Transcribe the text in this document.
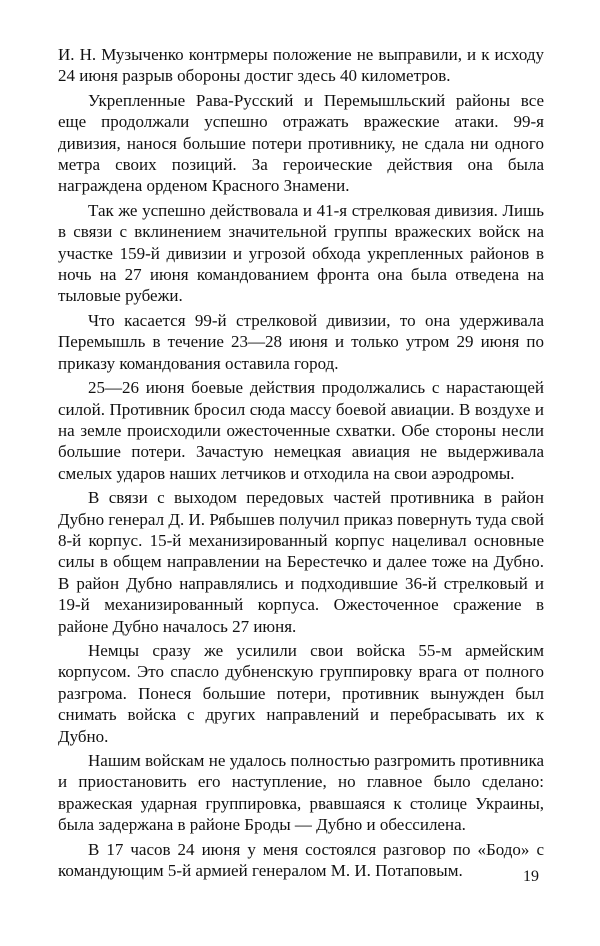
И. Н. Музыченко контрмеры положение не выправили, и к исходу 24 июня разрыв обороны достиг здесь 40 километров.

Укрепленные Рава-Русский и Перемышльский районы все еще продолжали успешно отражать вражеские атаки. 99-я дивизия, нанося большие потери противнику, не сдала ни одного метра своих позиций. За героические действия она была награждена орденом Красного Знамени.

Так же успешно действовала и 41-я стрелковая дивизия. Лишь в связи с вклинением значительной группы вражеских войск на участке 159-й дивизии и угрозой обхода укрепленных районов в ночь на 27 июня командованием фронта она была отведена на тыловые рубежи.

Что касается 99-й стрелковой дивизии, то она удерживала Перемышль в течение 23—28 июня и только утром 29 июня по приказу командования оставила город.

25—26 июня боевые действия продолжались с нарастающей силой. Противник бросил сюда массу боевой авиации. В воздухе и на земле происходили ожесточенные схватки. Обе стороны несли большие потери. Зачастую немецкая авиация не выдерживала смелых ударов наших летчиков и отходила на свои аэродромы.

В связи с выходом передовых частей противника в район Дубно генерал Д. И. Рябышев получил приказ повернуть туда свой 8-й корпус. 15-й механизированный корпус нацеливал основные силы в общем направлении на Берестечко и далее тоже на Дубно. В район Дубно направлялись и подходившие 36-й стрелковый и 19-й механизированный корпуса. Ожесточенное сражение в районе Дубно началось 27 июня.

Немцы сразу же усилили свои войска 55-м армейским корпусом. Это спасло дубненскую группировку врага от полного разгрома. Понеся большие потери, противник вынужден был снимать войска с других направлений и перебрасывать их к Дубно.

Нашим войскам не удалось полностью разгромить противника и приостановить его наступление, но главное было сделано: вражеская ударная группировка, рвавшаяся к столице Украины, была задержана в районе Броды — Дубно и обессилена.

В 17 часов 24 июня у меня состоялся разговор по «Бодо» с командующим 5-й армией генералом М. И. Потаповым.	19
